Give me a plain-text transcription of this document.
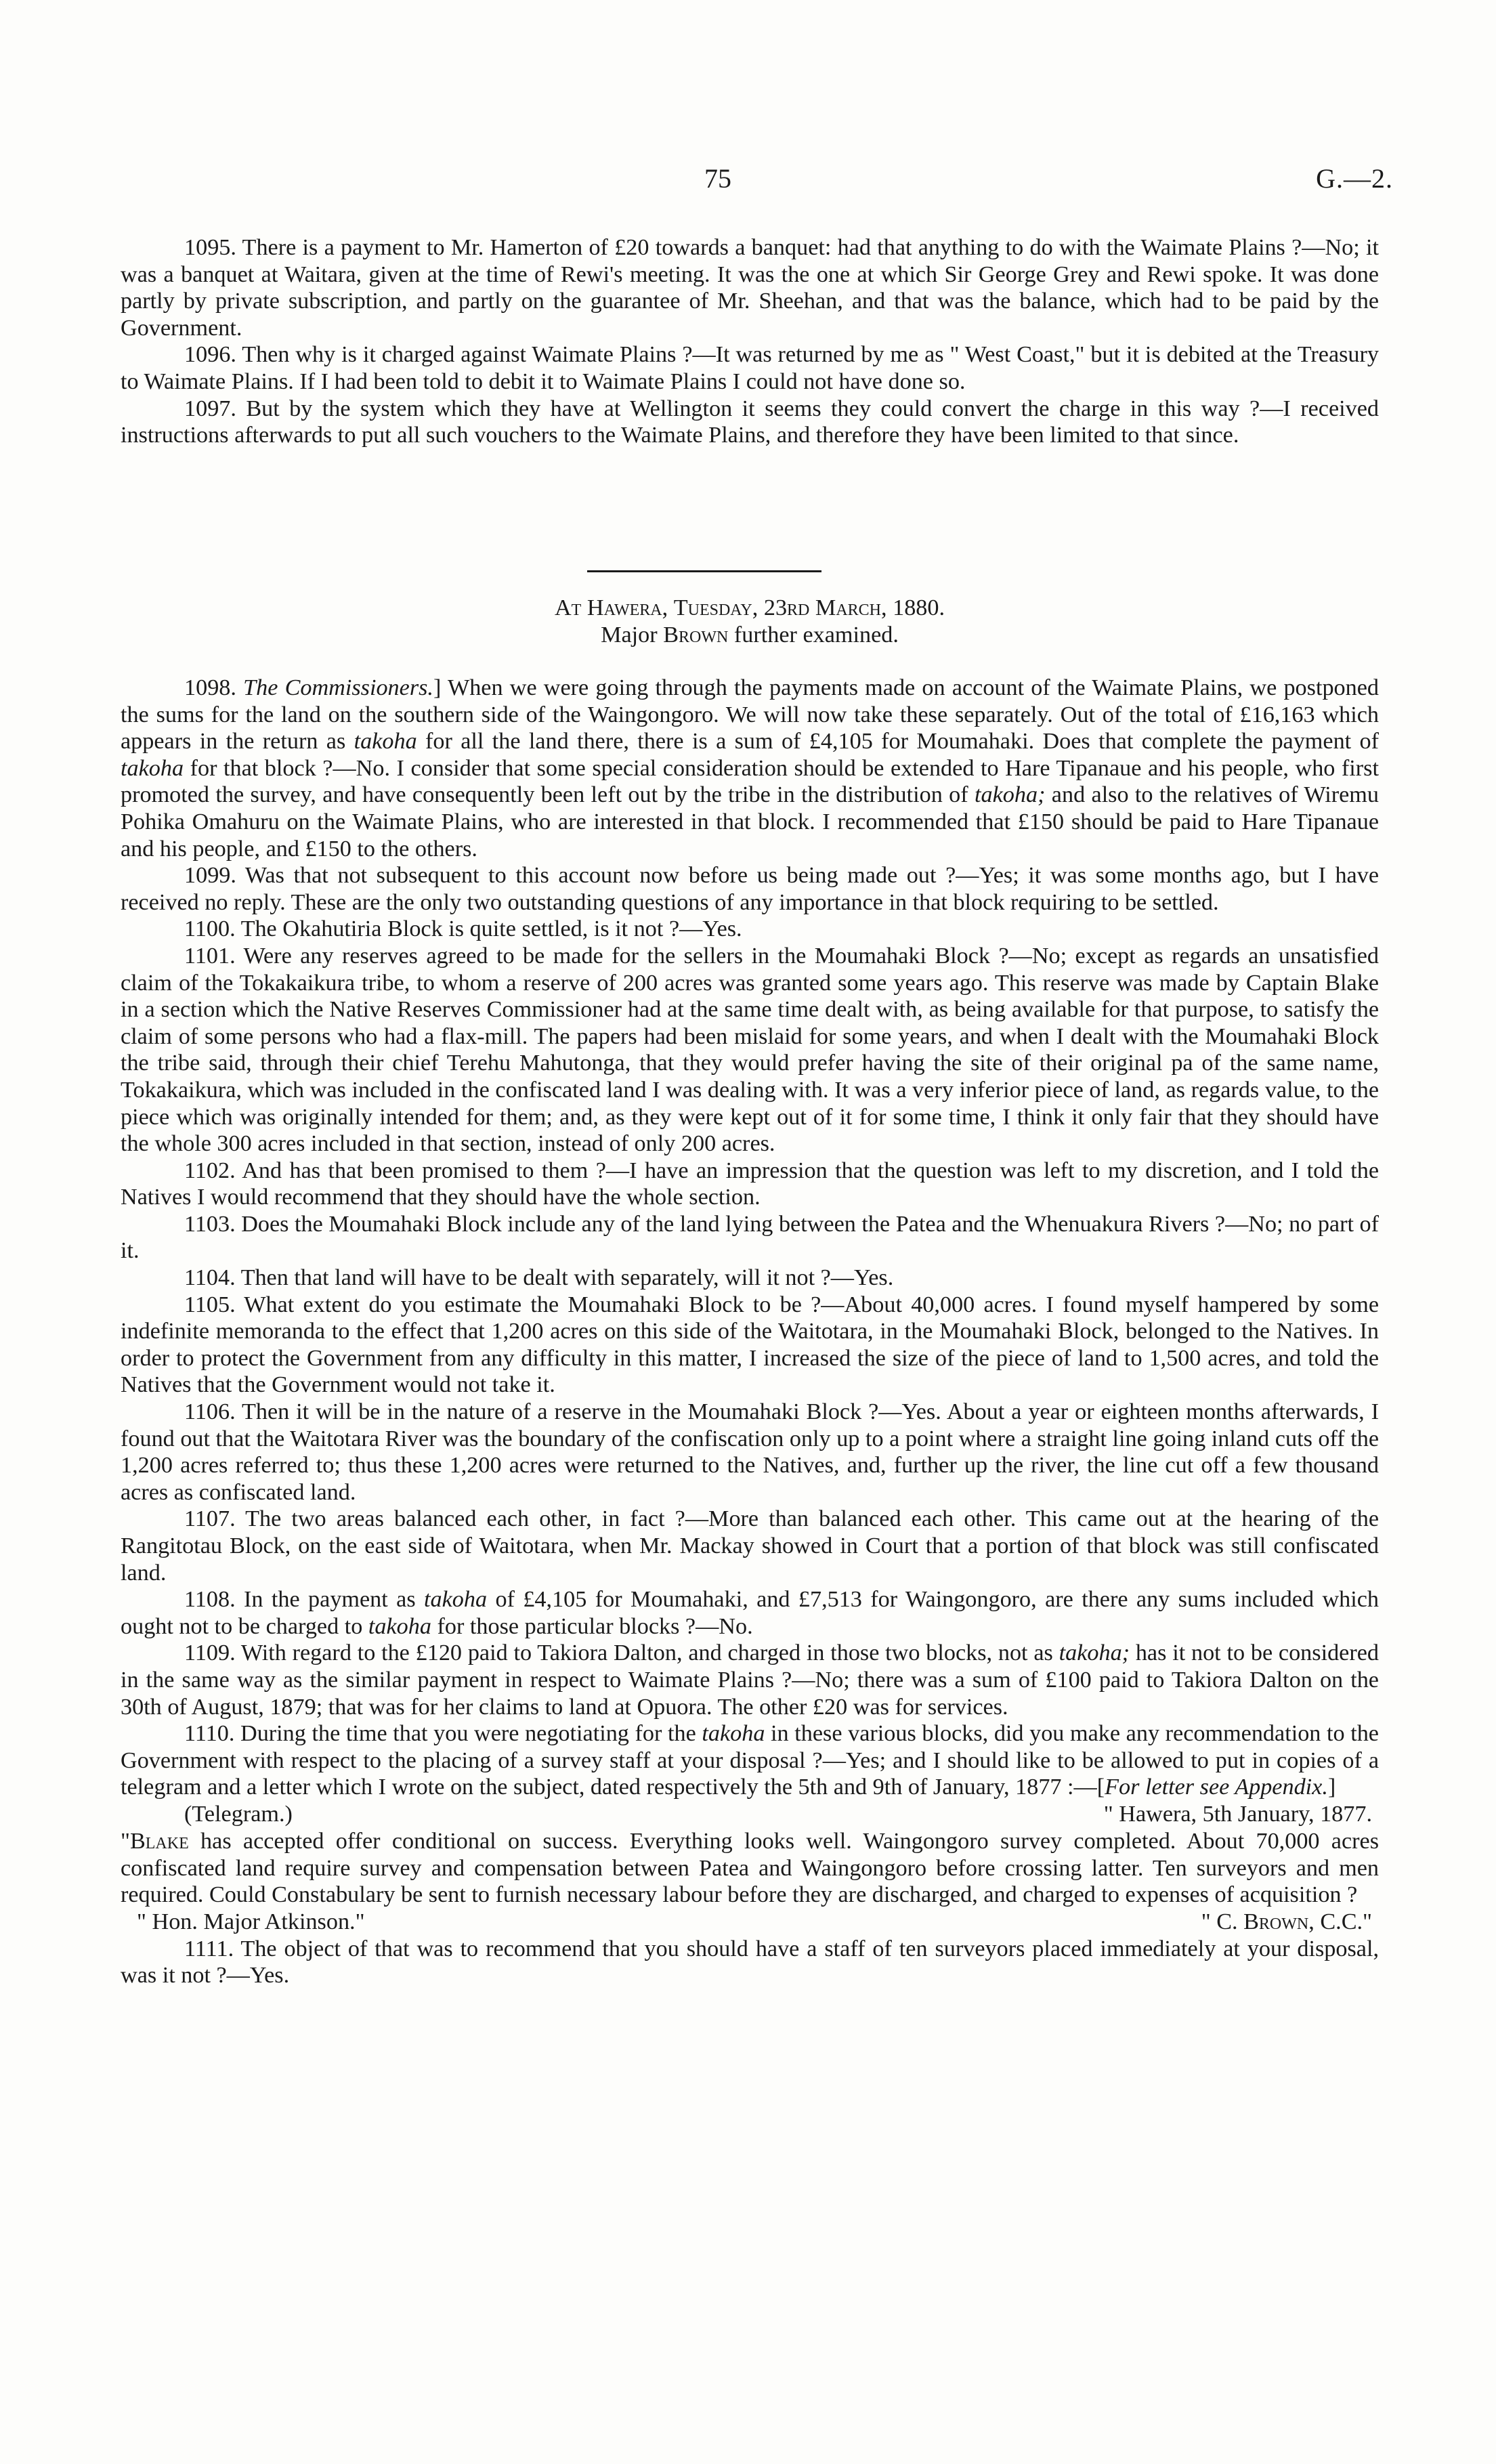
75	G.—2.

1095. There is a payment to Mr. Hamerton of £20 towards a banquet: had that anything to do with the Waimate Plains ?—No; it was a banquet at Waitara, given at the time of Rewi's meeting. It was the one at which Sir George Grey and Rewi spoke. It was done partly by private subscription, and partly on the guarantee of Mr. Sheehan, and that was the balance, which had to be paid by the Government.

1096. Then why is it charged against Waimate Plains ?—It was returned by me as " West Coast," but it is debited at the Treasury to Waimate Plains. If I had been told to debit it to Waimate Plains I could not have done so.

1097. But by the system which they have at Wellington it seems they could convert the charge in this way ?—I received instructions afterwards to put all such vouchers to the Waimate Plains, and therefore they have been limited to that since.

At Hawera, Tuesday, 23rd March, 1880.
Major Brown further examined.

1098. The Commissioners.] When we were going through the payments made on account of the Waimate Plains, we postponed the sums for the land on the southern side of the Waingongoro. We will now take these separately. Out of the total of £16,163 which appears in the return as takoha for all the land there, there is a sum of £4,105 for Moumahaki. Does that complete the payment of takoha for that block ?—No. I consider that some special consideration should be extended to Hare Tipanaue and his people, who first promoted the survey, and have consequently been left out by the tribe in the distribution of takoha; and also to the relatives of Wiremu Pohika Omahuru on the Waimate Plains, who are interested in that block. I recommended that £150 should be paid to Hare Tipanaue and his people, and £150 to the others.

1099. Was that not subsequent to this account now before us being made out ?—Yes; it was some months ago, but I have received no reply. These are the only two outstanding questions of any importance in that block requiring to be settled.

1100. The Okahutiria Block is quite settled, is it not ?—Yes.

1101. Were any reserves agreed to be made for the sellers in the Moumahaki Block ?—No; except as regards an unsatisfied claim of the Tokakaikura tribe, to whom a reserve of 200 acres was granted some years ago. This reserve was made by Captain Blake in a section which the Native Reserves Commissioner had at the same time dealt with, as being available for that purpose, to satisfy the claim of some persons who had a flax-mill. The papers had been mislaid for some years, and when I dealt with the Moumahaki Block the tribe said, through their chief Terehu Mahutonga, that they would prefer having the site of their original pa of the same name, Tokakaikura, which was included in the confiscated land I was dealing with. It was a very inferior piece of land, as regards value, to the piece which was originally intended for them; and, as they were kept out of it for some time, I think it only fair that they should have the whole 300 acres included in that section, instead of only 200 acres.

1102. And has that been promised to them ?—I have an impression that the question was left to my discretion, and I told the Natives I would recommend that they should have the whole section.

1103. Does the Moumahaki Block include any of the land lying between the Patea and the Whenuakura Rivers ?—No; no part of it.

1104. Then that land will have to be dealt with separately, will it not ?—Yes.

1105. What extent do you estimate the Moumahaki Block to be ?—About 40,000 acres. I found myself hampered by some indefinite memoranda to the effect that 1,200 acres on this side of the Waitotara, in the Moumahaki Block, belonged to the Natives. In order to protect the Government from any difficulty in this matter, I increased the size of the piece of land to 1,500 acres, and told the Natives that the Government would not take it.

1106. Then it will be in the nature of a reserve in the Moumahaki Block ?—Yes. About a year or eighteen months afterwards, I found out that the Waitotara River was the boundary of the confiscation only up to a point where a straight line going inland cuts off the 1,200 acres referred to; thus these 1,200 acres were returned to the Natives, and, further up the river, the line cut off a few thousand acres as confiscated land.

1107. The two areas balanced each other, in fact ?—More than balanced each other. This came out at the hearing of the Rangitotau Block, on the east side of Waitotara, when Mr. Mackay showed in Court that a portion of that block was still confiscated land.

1108. In the payment as takoha of £4,105 for Moumahaki, and £7,513 for Waingongoro, are there any sums included which ought not to be charged to takoha for those particular blocks ?—No.

1109. With regard to the £120 paid to Takiora Dalton, and charged in those two blocks, not as takoha; has it not to be considered in the same way as the similar payment in respect to Waimate Plains ?—No; there was a sum of £100 paid to Takiora Dalton on the 30th of August, 1879; that was for her claims to land at Opuora. The other £20 was for services.

1110. During the time that you were negotiating for the takoha in these various blocks, did you make any recommendation to the Government with respect to the placing of a survey staff at your disposal ?—Yes; and I should like to be allowed to put in copies of a telegram and a letter which I wrote on the subject, dated respectively the 5th and 9th of January, 1877 :—[For letter see Appendix.]

(Telegram.)	" Hawera, 5th January, 1877.

"Blake has accepted offer conditional on success. Everything looks well. Waingongoro survey completed. About 70,000 acres confiscated land require survey and compensation between Patea and Waingongoro before crossing latter. Ten surveyors and men required. Could Constabulary be sent to furnish necessary labour before they are discharged, and charged to expenses of acquisition ?

" Hon. Major Atkinson."	" C. Brown, C.C."

1111. The object of that was to recommend that you should have a staff of ten surveyors placed immediately at your disposal, was it not ?—Yes.
